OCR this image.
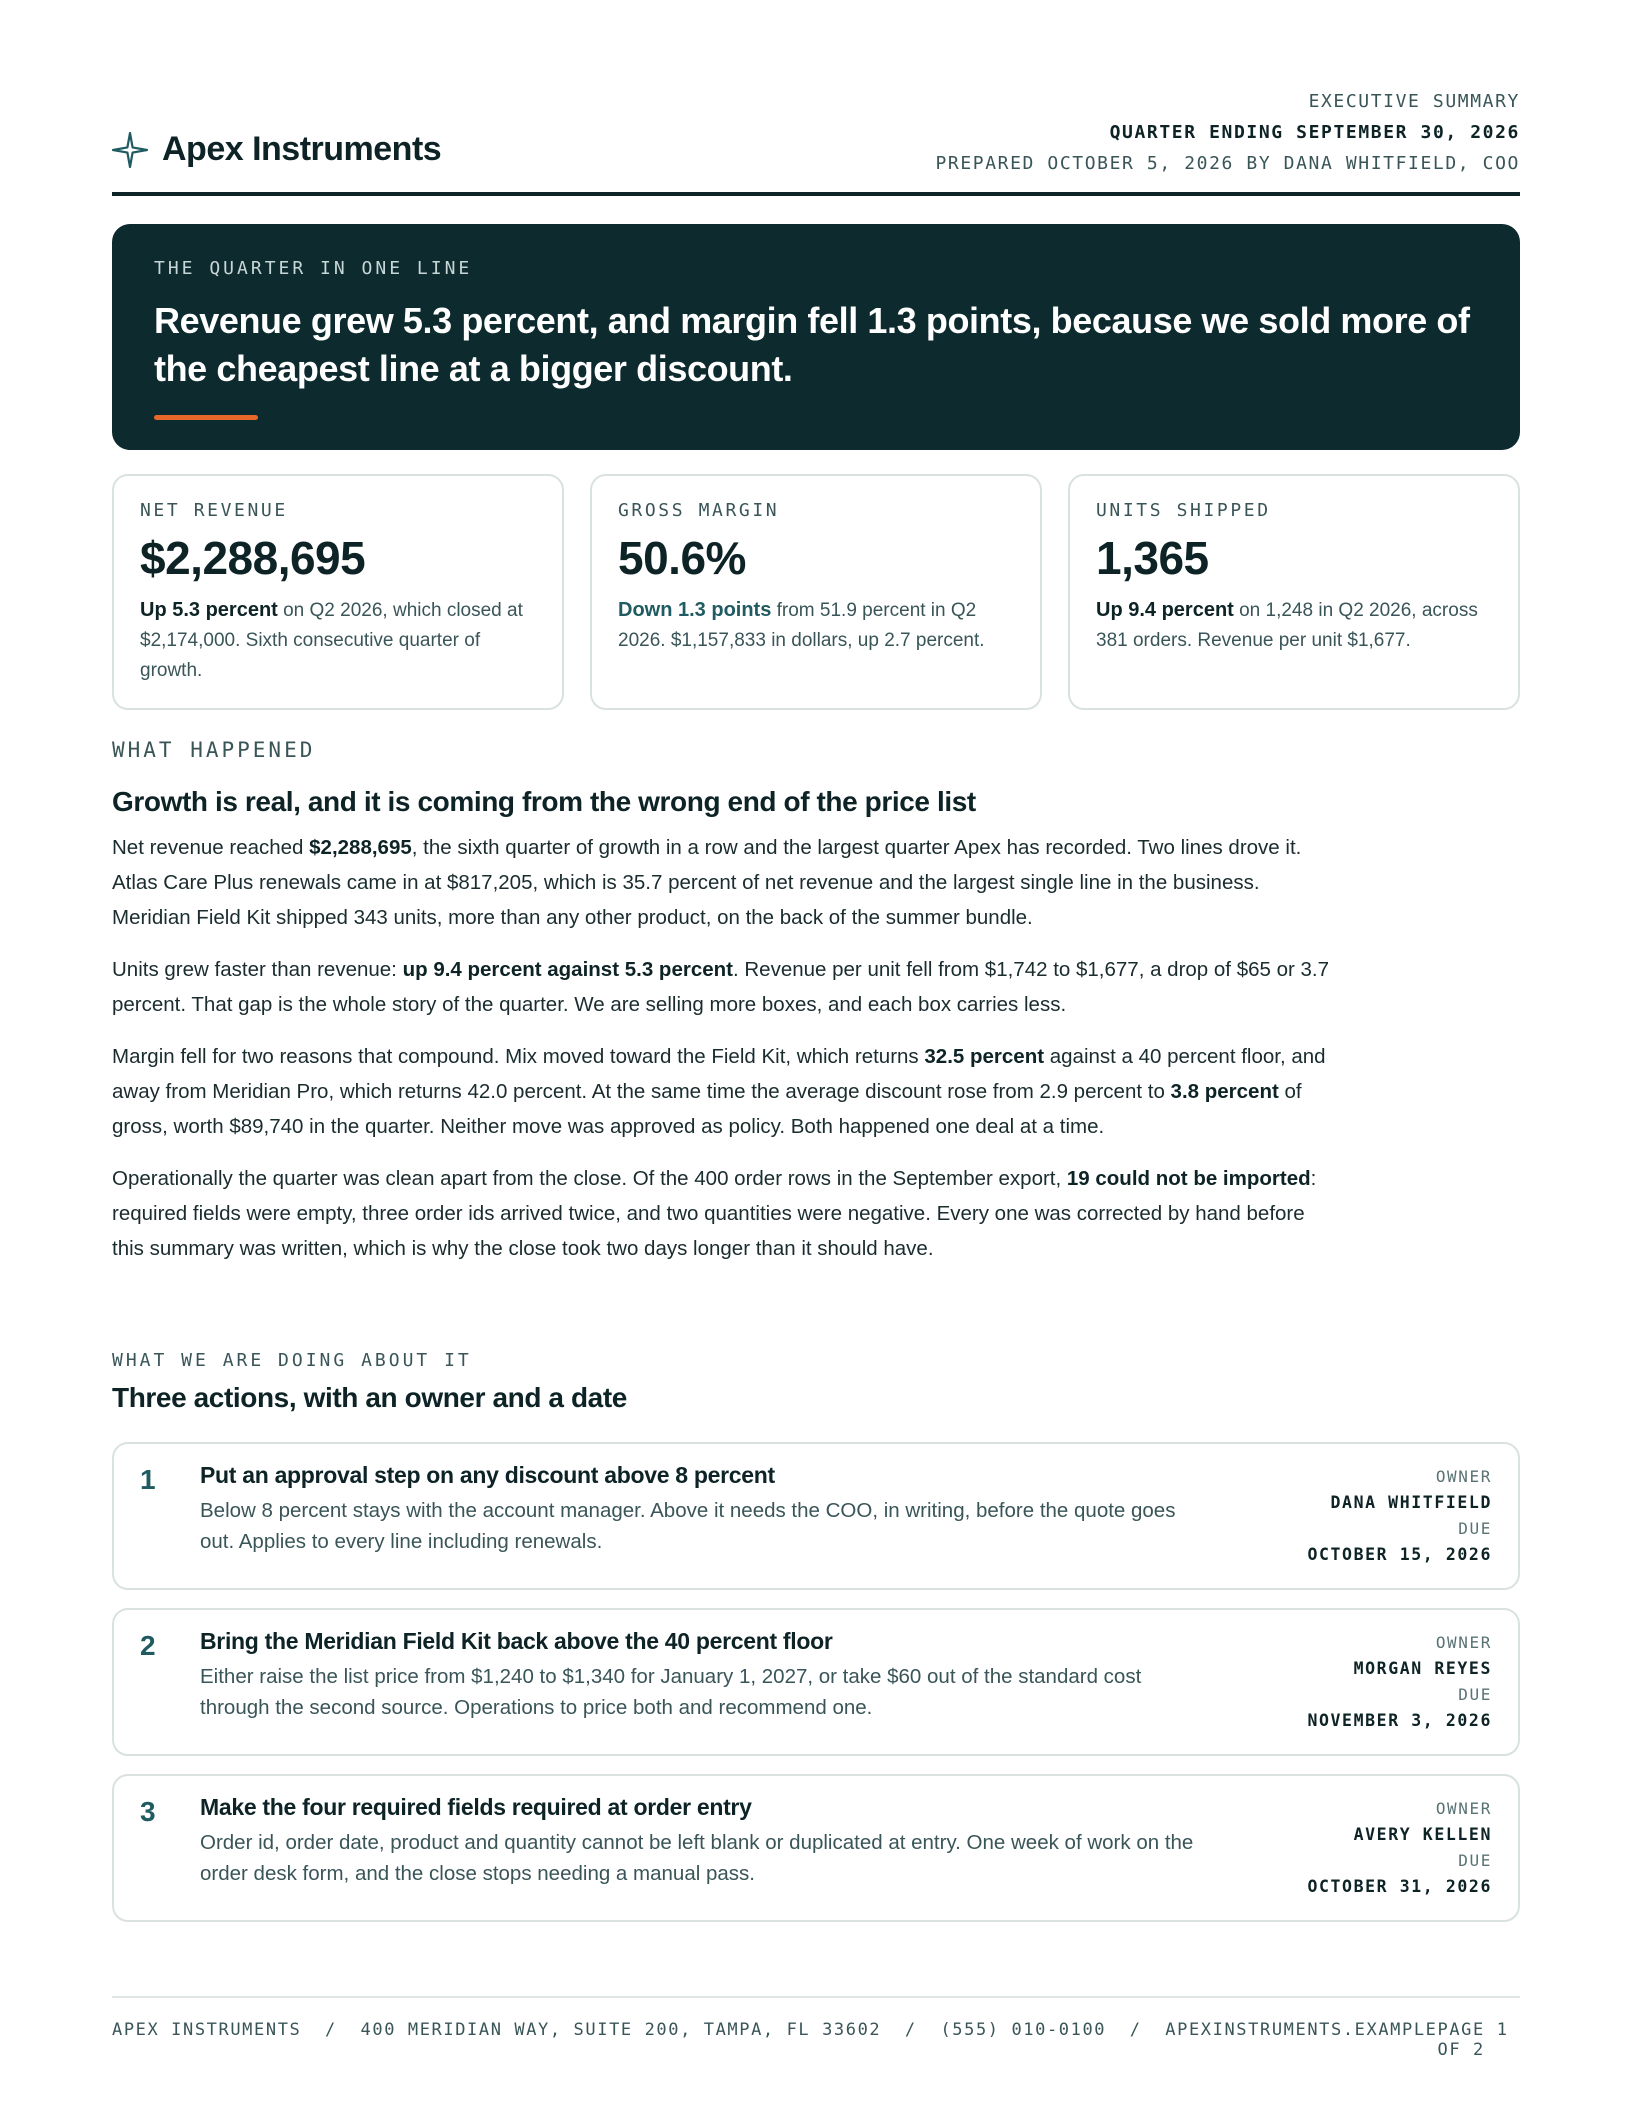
Apex Instruments
EXECUTIVE SUMMARY
QUARTER ENDING SEPTEMBER 30, 2026
PREPARED OCTOBER 5, 2026 BY DANA WHITFIELD, COO
THE QUARTER IN ONE LINE
Revenue grew 5.3 percent, and margin fell 1.3 points, because we sold more of the cheapest line at a bigger discount.
NET REVENUE
$2,288,695
Up 5.3 percent on Q2 2026, which closed at $2,174,000. Sixth consecutive quarter of growth.
GROSS MARGIN
50.6%
Down 1.3 points from 51.9 percent in Q2 2026. $1,157,833 in dollars, up 2.7 percent.
UNITS SHIPPED
1,365
Up 9.4 percent on 1,248 in Q2 2026, across 381 orders. Revenue per unit $1,677.
WHAT HAPPENED
Growth is real, and it is coming from the wrong end of the price list

Net revenue reached $2,288,695, the sixth quarter of growth in a row and the largest quarter Apex has recorded. Two lines drove it. Atlas Care Plus renewals came in at $817,205, which is 35.7 percent of net revenue and the largest single line in the business. Meridian Field Kit shipped 343 units, more than any other product, on the back of the summer bundle.

Units grew faster than revenue: up 9.4 percent against 5.3 percent. Revenue per unit fell from $1,742 to $1,677, a drop of $65 or 3.7 percent. That gap is the whole story of the quarter. We are selling more boxes, and each box carries less.

Margin fell for two reasons that compound. Mix moved toward the Field Kit, which returns 32.5 percent against a 40 percent floor, and away from Meridian Pro, which returns 42.0 percent. At the same time the average discount rose from 2.9 percent to 3.8 percent of gross, worth $89,740 in the quarter. Neither move was approved as policy. Both happened one deal at a time.

Operationally the quarter was clean apart from the close. Of the 400 order rows in the September export, 19 could not be imported: required fields were empty, three order ids arrived twice, and two quantities were negative. Every one was corrected by hand before this summary was written, which is why the close took two days longer than it should have.

WHAT WE ARE DOING ABOUT IT
Three actions, with an owner and a date
1 Put an approval step on any discount above 8 percent
Below 8 percent stays with the account manager. Above it needs the COO, in writing, before the quote goes out. Applies to every line including renewals.
OWNER
DANA WHITFIELD
DUE
OCTOBER 15, 2026
2 Bring the Meridian Field Kit back above the 40 percent floor
Either raise the list price from $1,240 to $1,340 for January 1, 2027, or take $60 out of the standard cost through the second source. Operations to price both and recommend one.
OWNER
MORGAN REYES
DUE
NOVEMBER 3, 2026
3 Make the four required fields required at order entry
Order id, order date, product and quantity cannot be left blank or duplicated at entry. One week of work on the order desk form, and the close stops needing a manual pass.
OWNER
AVERY KELLEN
DUE
OCTOBER 31, 2026
APEX INSTRUMENTS  /  400 MERIDIAN WAY, SUITE 200, TAMPA, FL 33602  /  (555) 010-0100  /  APEXINSTRUMENTS.EXAMPLE PAGE 1 OF 2
